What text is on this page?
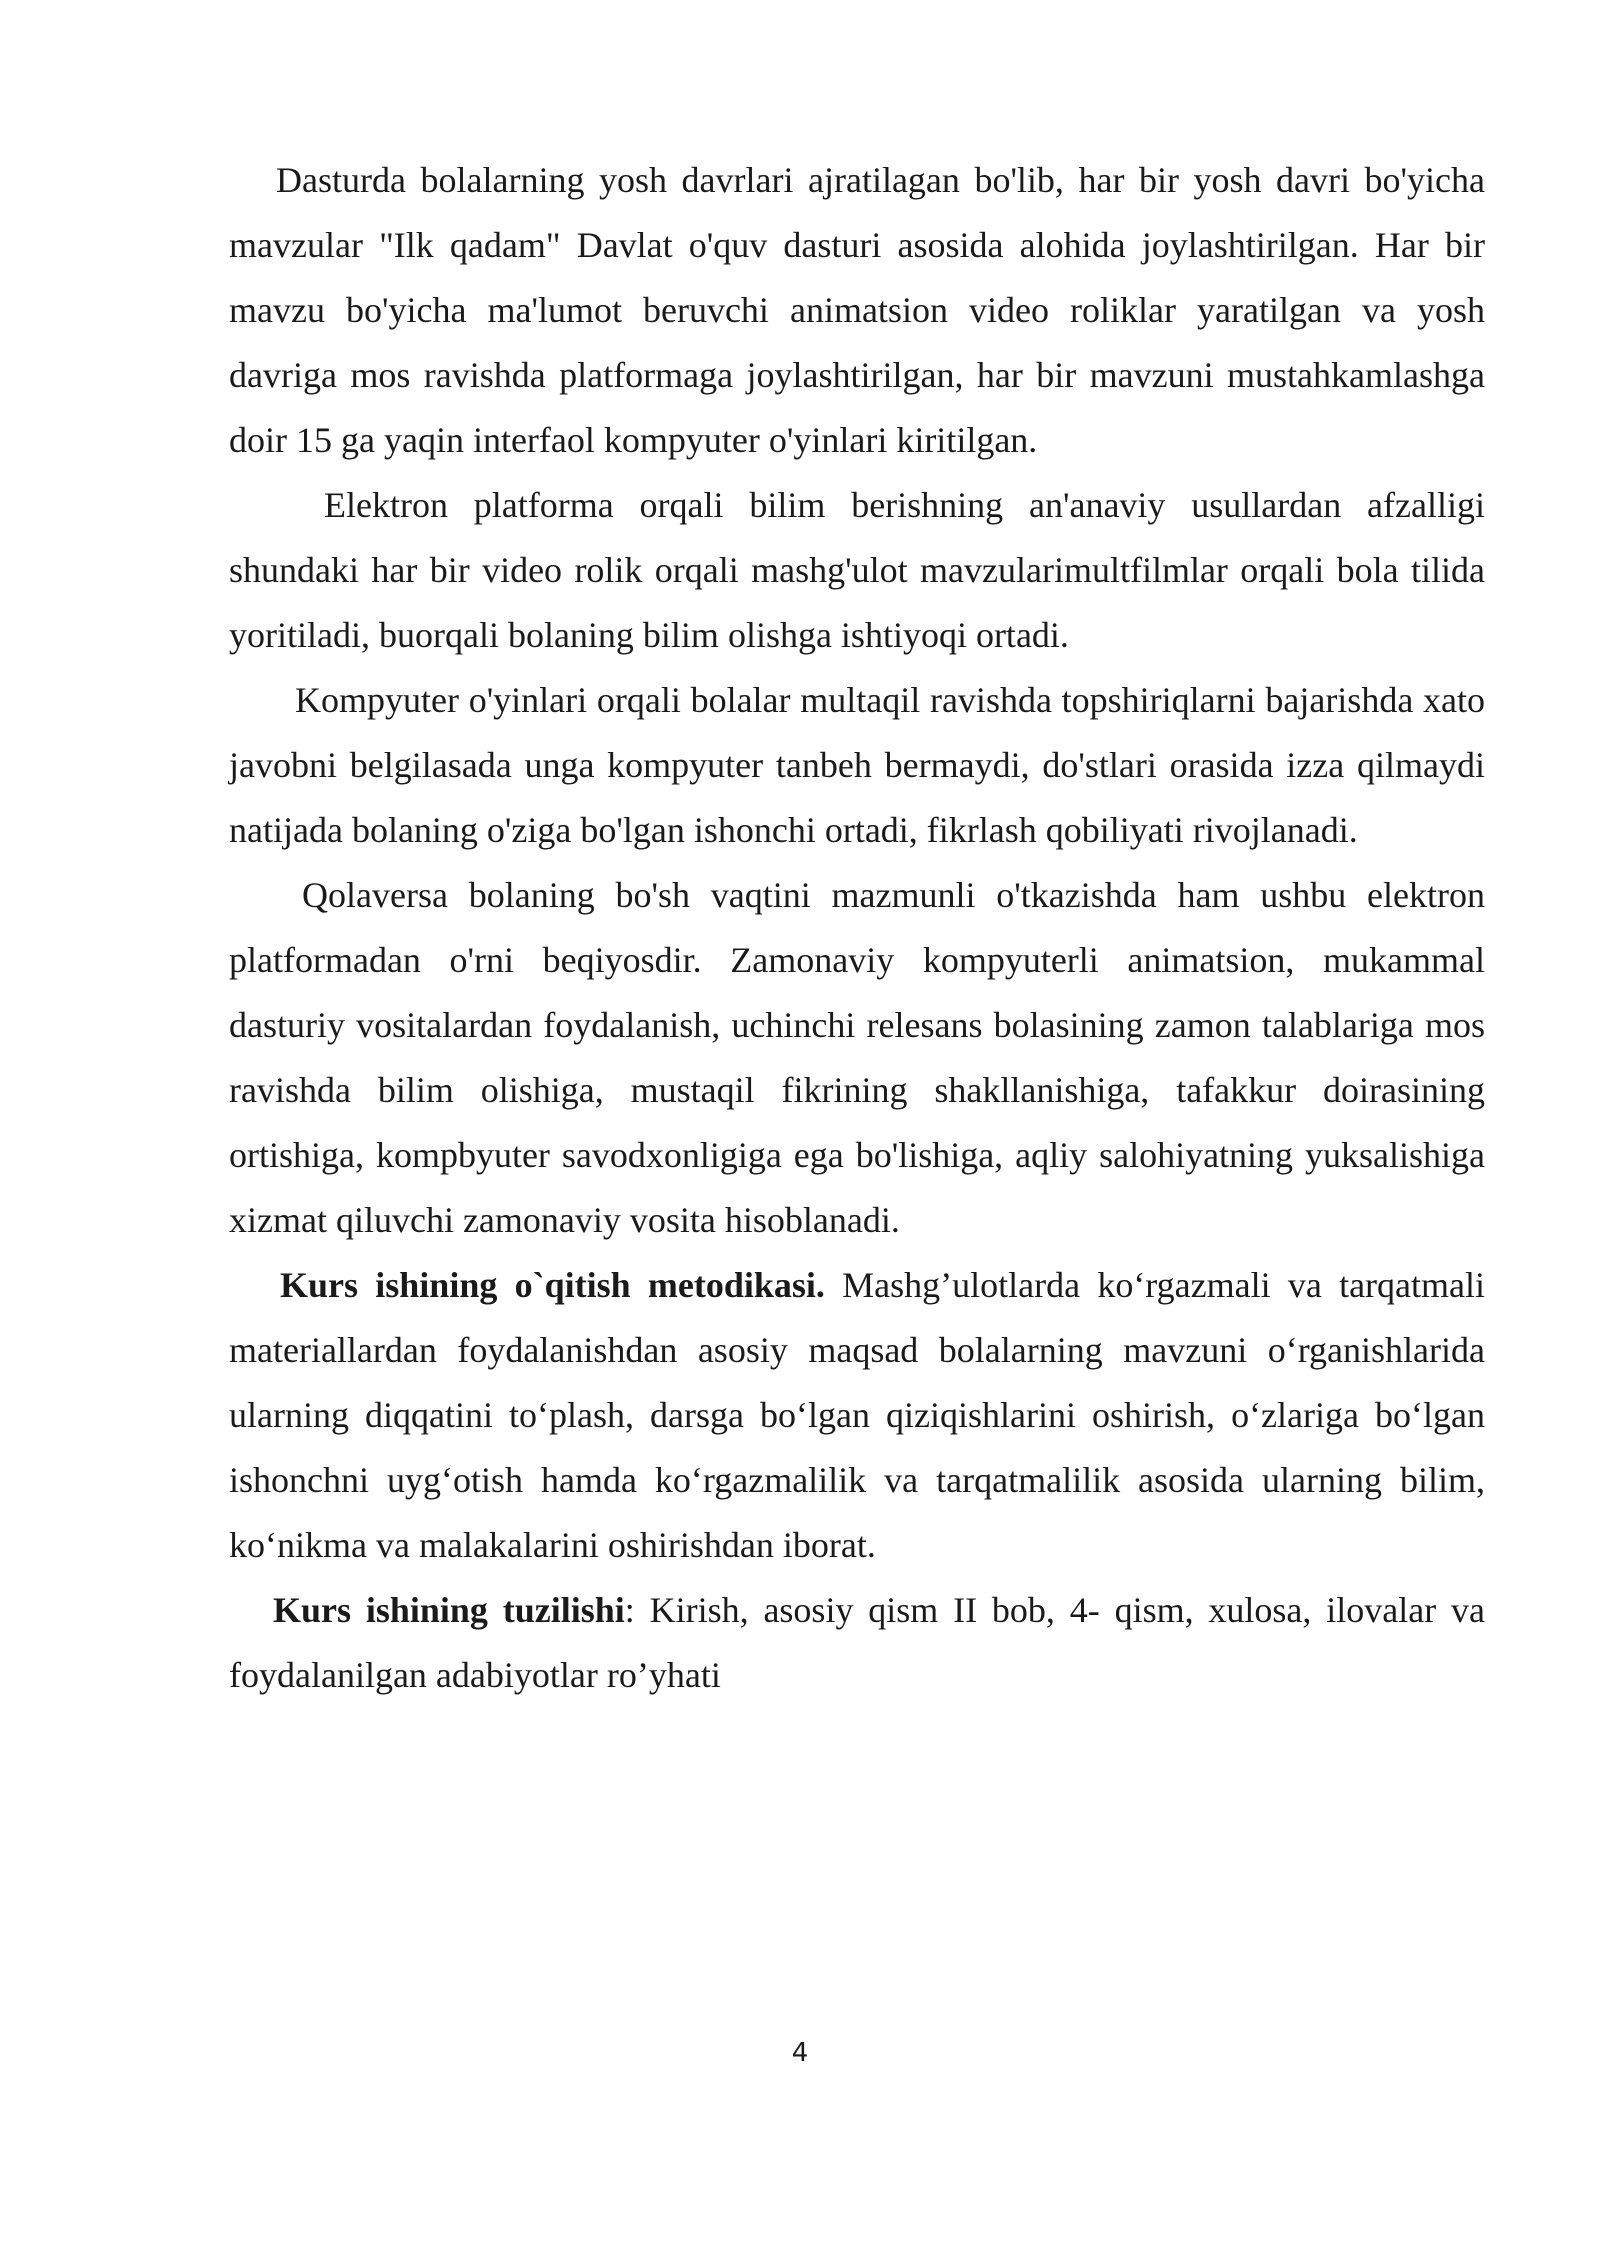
Dasturda bolalarning yosh davrlari ajratilagan bo'lib, har bir yosh davri bo'yicha mavzular "Ilk qadam" Davlat o'quv dasturi asosida alohida joylashtirilgan. Har bir mavzu bo'yicha ma'lumot beruvchi animatsion video roliklar yaratilgan va yosh davriga mos ravishda platformaga joylashtirilgan, har bir mavzuni mustahkamlashga doir 15 ga yaqin interfaol kompyuter o'yinlari kiritilgan.

Elektron platforma orqali bilim berishning an'anaviy usullardan afzalligi shundaki har bir video rolik orqali mashg'ulot mavzularimultfilmlar orqali bola tilida yoritiladi, buorqali bolaning bilim olishga ishtiyoqi ortadi.

Kompyuter o'yinlari orqali bolalar multaqil ravishda topshiriqlarni bajarishda xato javobni belgilasada unga kompyuter tanbeh bermaydi, do'stlari orasida izza qilmaydi natijada bolaning o'ziga bo'lgan ishonchi ortadi, fikrlash qobiliyati rivojlanadi.

Qolaversa bolaning bo'sh vaqtini mazmunli o'tkazishda ham ushbu elektron platformadan o'rni beqiyosdir. Zamonaviy kompyuterli animatsion, mukammal dasturiy vositalardan foydalanish, uchinchi relesans bolasining zamon talablariga mos ravishda bilim olishiga, mustaqil fikrining shakllanishiga, tafakkur doirasining ortishiga, kompbyuter savodxonligiga ega bo'lishiga, aqliy salohiyatning yuksalishiga xizmat qiluvchi zamonaviy vosita hisoblanadi.

Kurs ishining o`qitish metodikasi. Mashg’ulotlarda ko‘rgazmali va tarqatmali materiallardan foydalanishdan asosiy maqsad bolalarning mavzuni o‘rganishlarida ularning diqqatini to‘plash, darsga bo‘lgan qiziqishlarini oshirish, o‘zlariga bo‘lgan ishonchni uyg‘otish hamda ko‘rgazmalilik va tarqatmalilik asosida ularning bilim, ko‘nikma va malakalarini oshirishdan iborat.

Kurs ishining tuzilishi: Kirish, asosiy qism II bob, 4- qism, xulosa, ilovalar va foydalanilgan adabiyotlar ro’yhati

4
